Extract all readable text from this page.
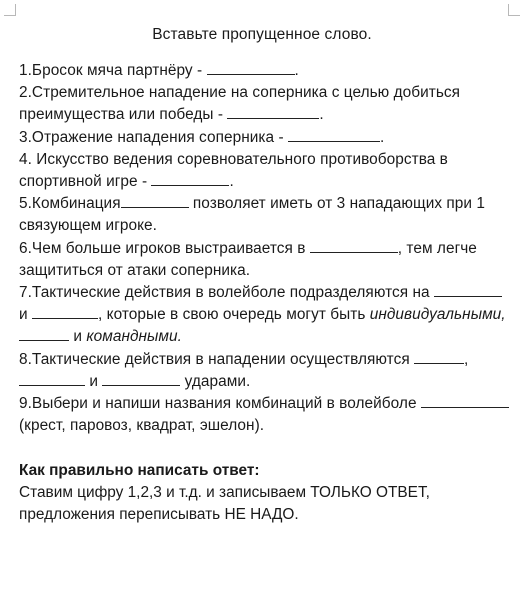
Вставьте пропущенное слово.
1.Бросок мяча партнёру -	.
2.Стремительное нападение на соперника с целью добиться преимущества или победы -	.
3.Отражение нападения соперника -	.
4. Искусство ведения соревновательного противоборства в спортивной игре -	.
5.Комбинация	позволяет иметь от 3 нападающих при 1 связующем игроке.
6.Чем больше игроков выстраивается в	, тем легче защититься от атаки соперника.
7.Тактические действия в волейболе подразделяются на  и	, которые в свою очередь могут быть индивидуальными,  и командными.
8.Тактические действия в нападении осуществляются	,  и	ударами.
9.Выбери и напиши названия комбинаций в волейболе (крест, паровоз, квадрат, эшелон).
Как правильно написать ответ:
Ставим цифру 1,2,3 и т.д. и записываем ТОЛЬКО ОТВЕТ, предложения переписывать НЕ НАДО.
